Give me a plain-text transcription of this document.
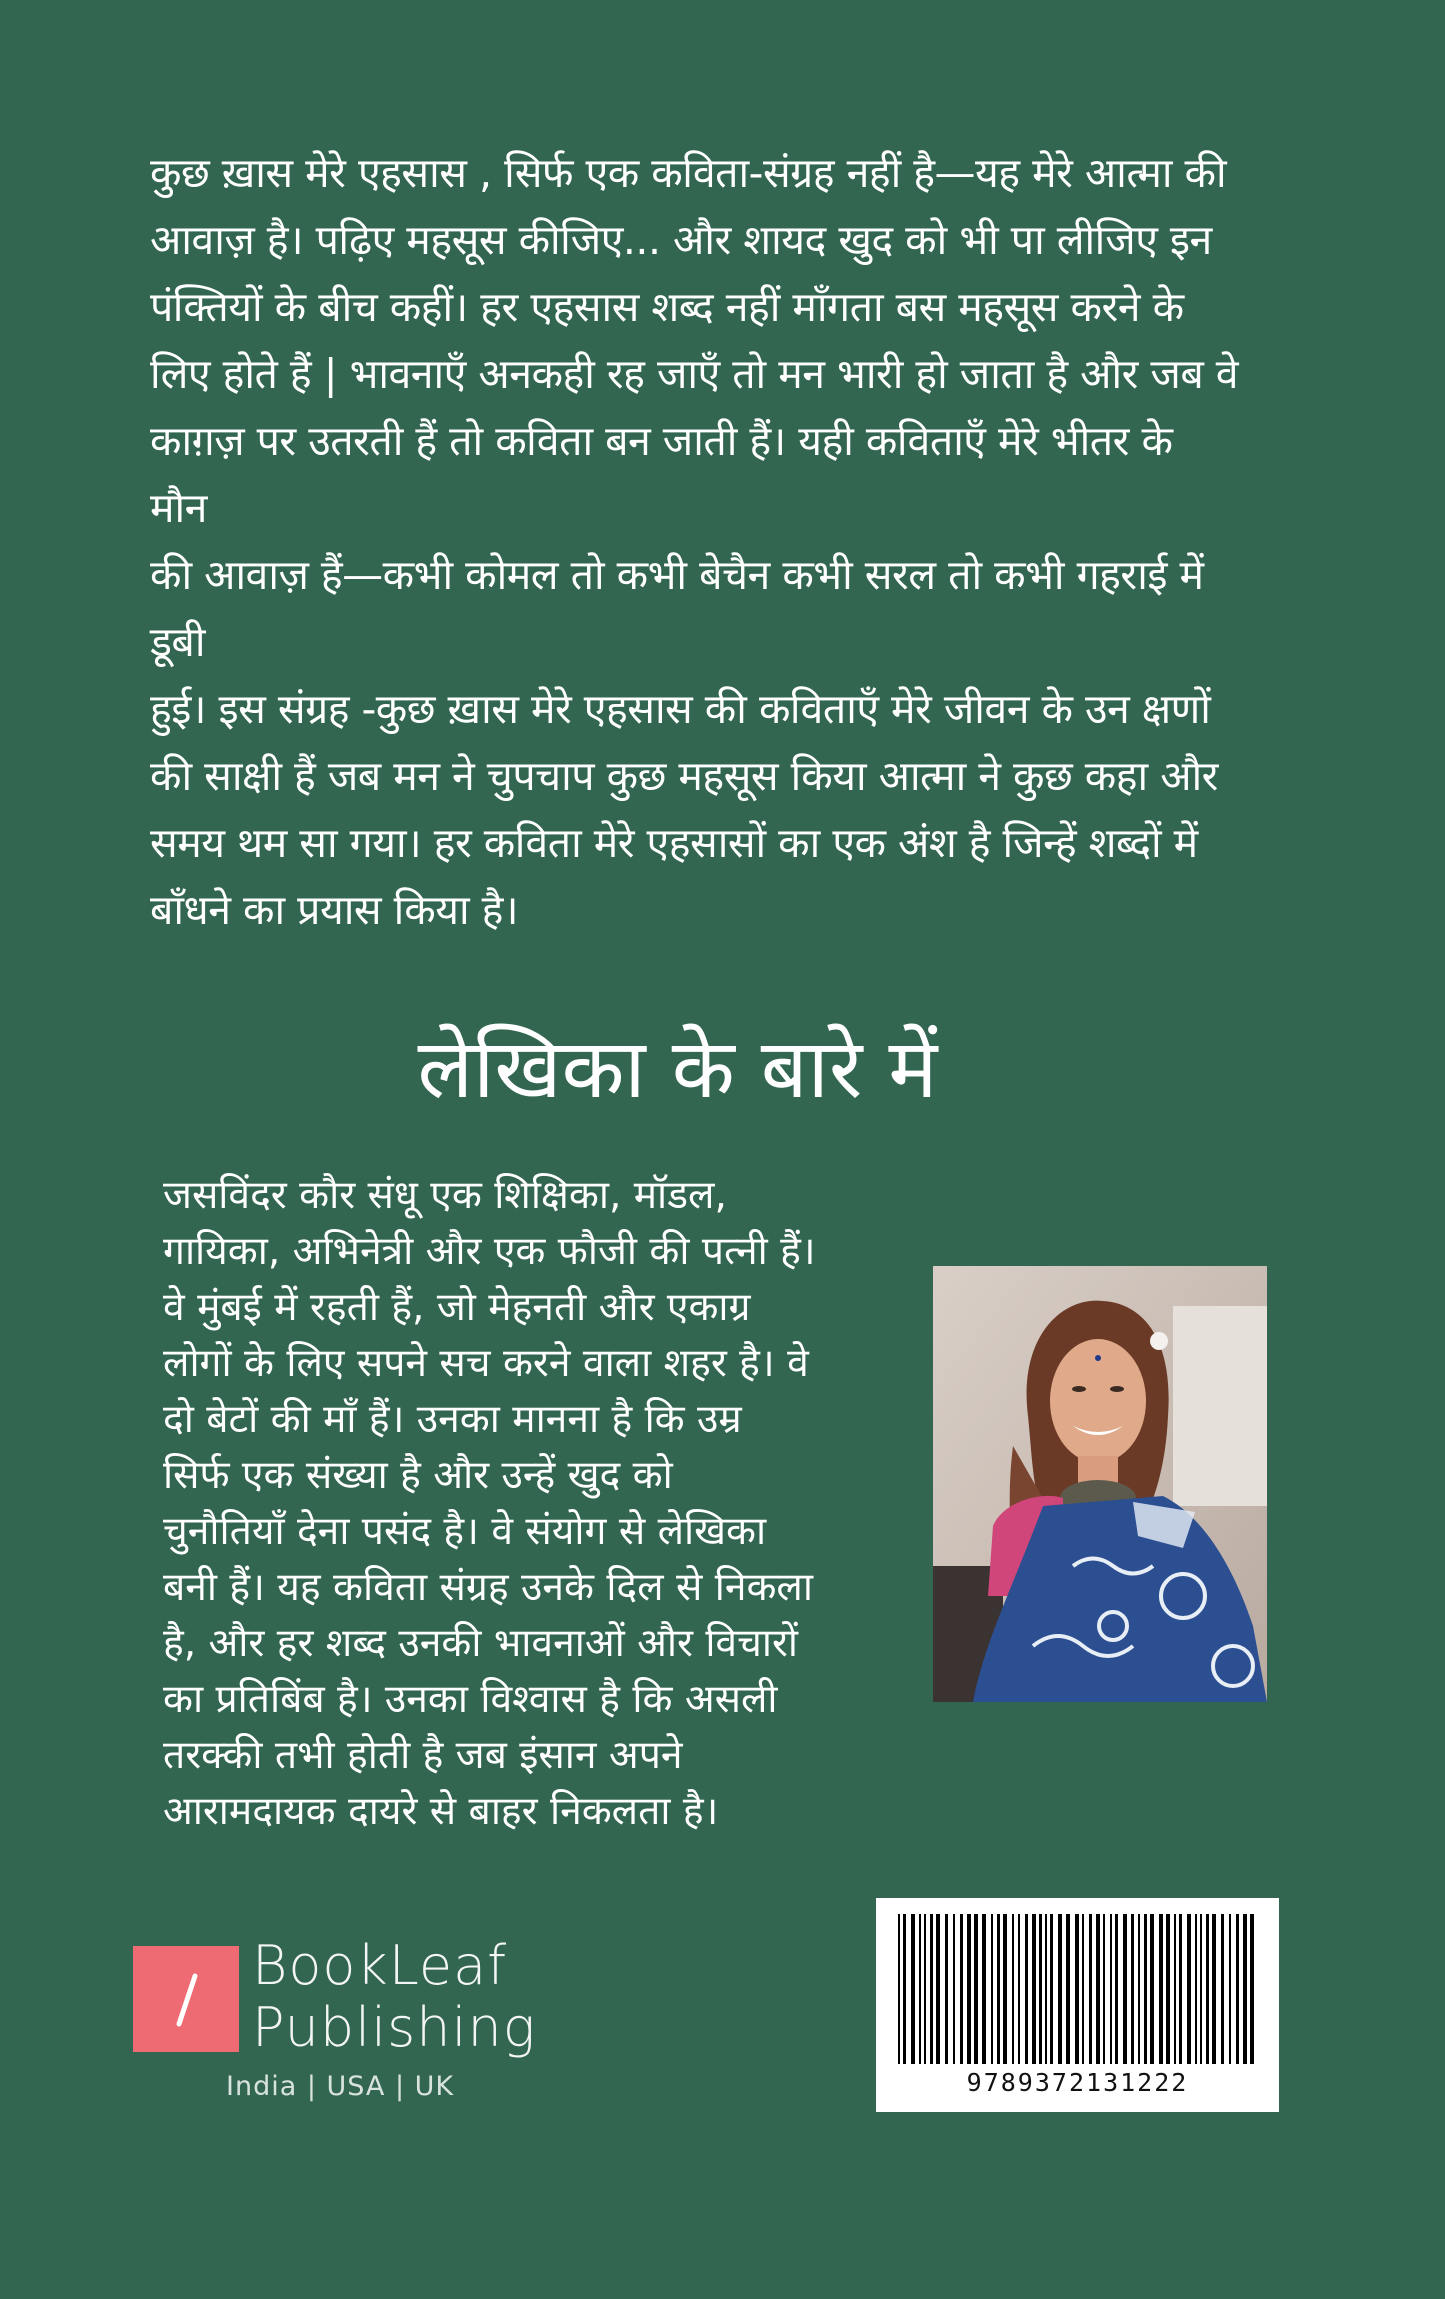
कुछ ख़ास मेरे एहसास , सिर्फ एक कविता-संग्रह नहीं है—यह मेरे आत्मा की
आवाज़ है। पढ़िए महसूस कीजिए... और शायद खुद को भी पा लीजिए इन
पंक्तियों के बीच कहीं। हर एहसास शब्द नहीं माँगता बस महसूस करने के
लिए होते हैं | भावनाएँ अनकही रह जाएँ तो मन भारी हो जाता है और जब वे
काग़ज़ पर उतरती हैं तो कविता बन जाती हैं। यही कविताएँ मेरे भीतर के मौन
की आवाज़ हैं—कभी कोमल तो कभी बेचैन कभी सरल तो कभी गहराई में डूबी
हुई। इस संग्रह -कुछ ख़ास मेरे एहसास की कविताएँ मेरे जीवन के उन क्षणों
की साक्षी हैं जब मन ने चुपचाप कुछ महसूस किया आत्मा ने कुछ कहा और
समय थम सा गया। हर कविता मेरे एहसासों का एक अंश है जिन्हें शब्दों में
बाँधने का प्रयास किया है।
लेखिका के बारे में
जसविंदर कौर संधू एक शिक्षिका, मॉडल,
गायिका, अभिनेत्री और एक फौजी की पत्नी हैं।
वे मुंबई में रहती हैं, जो मेहनती और एकाग्र
लोगों के लिए सपने सच करने वाला शहर है। वे
दो बेटों की माँ हैं। उनका मानना है कि उम्र
सिर्फ एक संख्या है और उन्हें खुद को
चुनौतियाँ देना पसंद है। वे संयोग से लेखिका
बनी हैं। यह कविता संग्रह उनके दिल से निकला
है, और हर शब्द उनकी भावनाओं और विचारों
का प्रतिबिंब है। उनका विश्वास है कि असली
तरक्की तभी होती है जब इंसान अपने
आरामदायक दायरे से बाहर निकलता है।
BookLeaf
Publishing
India | USA | UK	9789372131222
